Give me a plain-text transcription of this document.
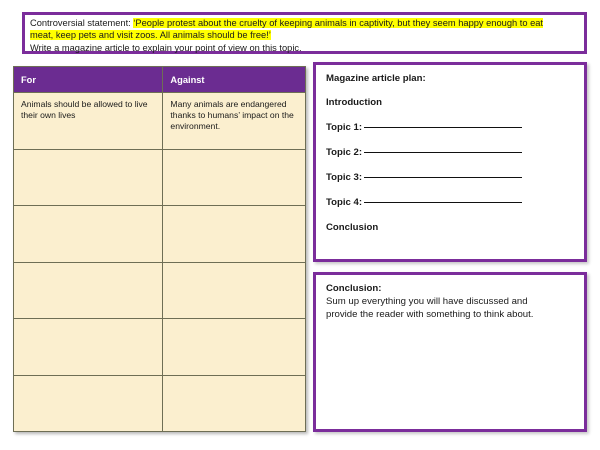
Controversial statement: ‘People protest about the cruelty of keeping animals in captivity, but they seem happy enough to eat
meat, keep pets and visit zoos. All animals should be free!’
Write a magazine article to explain your point of view on this topic.
For	Against
Animals should be allowed to live their own lives	Many animals are endangered thanks to humans’ impact on the environment.

Magazine article plan:
Introduction
Topic 1:
Topic 2:
Topic 3:
Topic 4:
Conclusion
Conclusion:
Sum up everything you will have discussed and
provide the reader with something to think about.
